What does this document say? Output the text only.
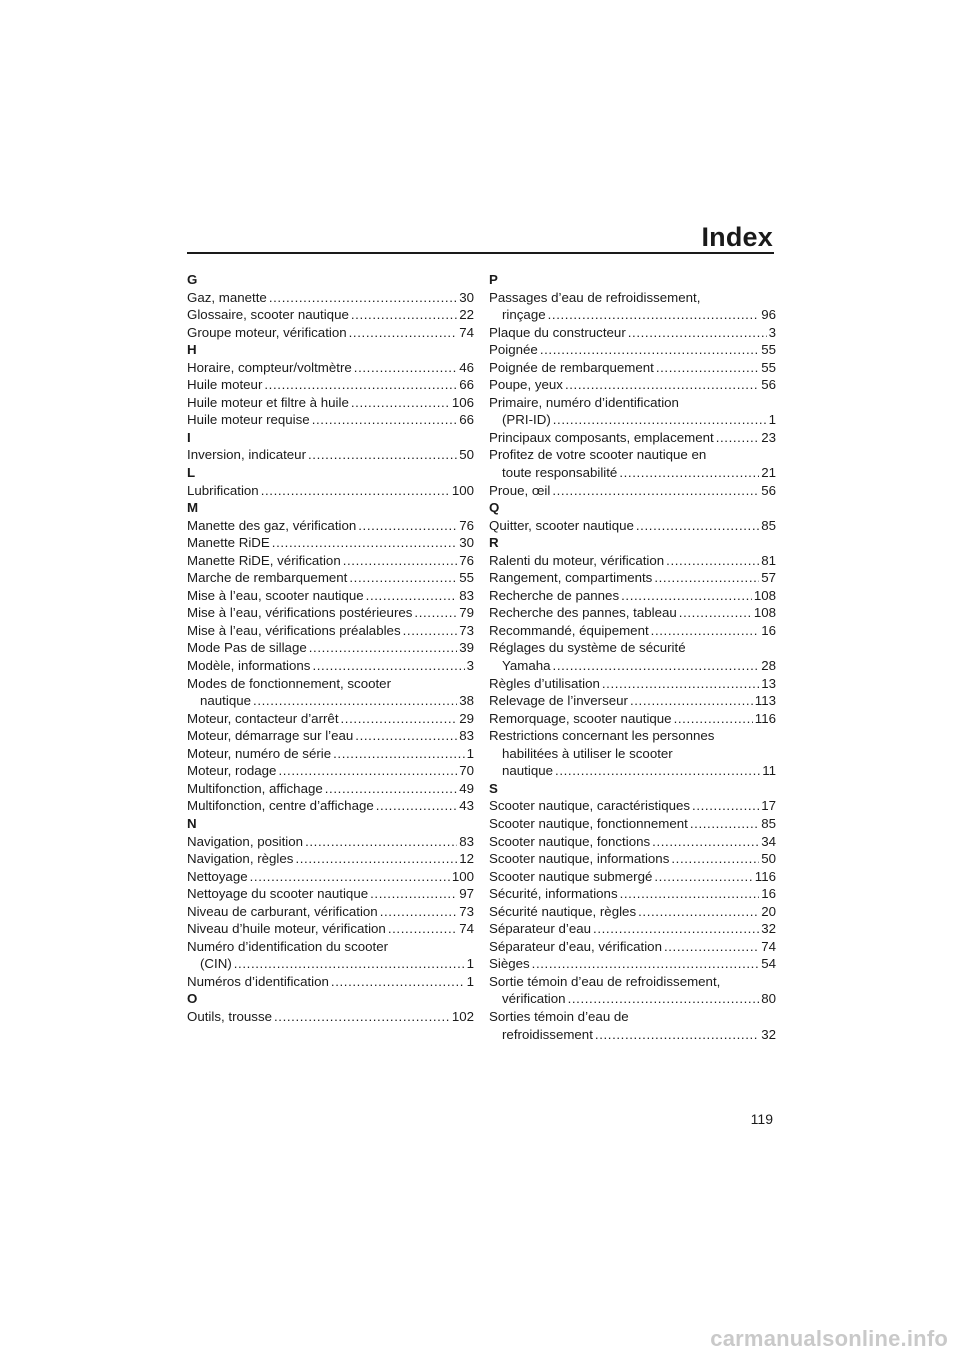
Index
G
Gaz, manette .....	30
Glossaire, scooter nautique .....	22
Groupe moteur, vérification .....	74
H
Horaire, compteur/voltmètre .....	46
Huile moteur .....	66
Huile moteur et filtre à huile .....	106
Huile moteur requise .....	66
I
Inversion, indicateur .....	50
L
Lubrification .....	100
M
Manette des gaz, vérification .....	76
Manette RiDE .....	30
Manette RiDE, vérification .....	76
Marche de rembarquement .....	55
Mise à l’eau, scooter nautique .....	83
Mise à l’eau, vérifications postérieures .....	79
Mise à l’eau, vérifications préalables .....	73
Mode Pas de sillage .....	39
Modèle, informations .....	3
Modes de fonctionnement, scooter
nautique .....	38
Moteur, contacteur d’arrêt .....	29
Moteur, démarrage sur l’eau .....	83
Moteur, numéro de série .....	1
Moteur, rodage .....	70
Multifonction, affichage .....	49
Multifonction, centre d’affichage .....	43
N
Navigation, position .....	83
Navigation, règles .....	12
Nettoyage .....	100
Nettoyage du scooter nautique .....	97
Niveau de carburant, vérification .....	73
Niveau d’huile moteur, vérification .....	74
Numéro d’identification du scooter
(CIN) .....	1
Numéros d’identification .....	1
O
Outils, trousse .....	102
P
Passages d’eau de refroidissement,
rinçage .....	96
Plaque du constructeur .....	3
Poignée .....	55
Poignée de rembarquement .....	55
Poupe, yeux .....	56
Primaire, numéro d’identification
(PRI-ID) .....	1
Principaux composants, emplacement .....	23
Profitez de votre scooter nautique en
toute responsabilité .....	21
Proue, œil .....	56
Q
Quitter, scooter nautique .....	85
R
Ralenti du moteur, vérification .....	81
Rangement, compartiments .....	57
Recherche de pannes .....	108
Recherche des pannes, tableau .....	108
Recommandé, équipement .....	16
Réglages du système de sécurité
Yamaha .....	28
Règles d’utilisation .....	13
Relevage de l’inverseur .....	113
Remorquage, scooter nautique .....	116
Restrictions concernant les personnes
habilitées à utiliser le scooter
nautique .....	11
S
Scooter nautique, caractéristiques .....	17
Scooter nautique, fonctionnement .....	85
Scooter nautique, fonctions .....	34
Scooter nautique, informations .....	50
Scooter nautique submergé .....	116
Sécurité, informations .....	16
Sécurité nautique, règles .....	20
Séparateur d’eau .....	32
Séparateur d’eau, vérification .....	74
Sièges .....	54
Sortie témoin d’eau de refroidissement,
vérification .....	80
Sorties témoin d’eau de
refroidissement .....	32
119
carmanualsonline.info
